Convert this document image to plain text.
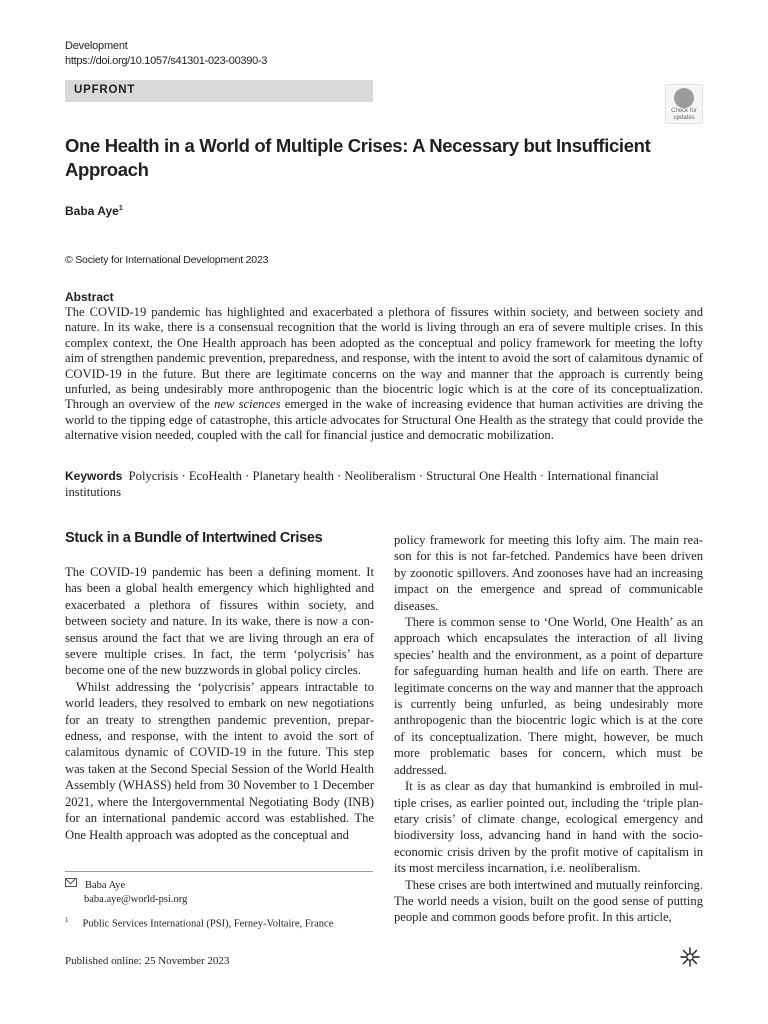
Development
https://doi.org/10.1057/s41301-023-00390-3
UPFRONT
Check for updates
One Health in a World of Multiple Crises: A Necessary but Insufficient Approach
Baba Aye$^1$
© Society for International Development 2023
Abstract

The COVID-19 pandemic has highlighted and exacerbated a plethora of fissures within society, and between society and nature. In its wake, there is a consensual recognition that the world is living through an era of severe multiple crises. In this complex context, the One Health approach has been adopted as the conceptual and policy framework for meeting the lofty aim of strengthen pandemic prevention, preparedness, and response, with the intent to avoid the sort of calamitous dynamic of COVID-19 in the future. But there are legitimate concerns on the way and manner that the approach is currently being unfurled, as being undesirably more anthropogenic than the biocentric logic which is at the core of its conceptualization. Through an overview of the new sciences emerged in the wake of increasing evidence that human activities are driving the world to the tipping edge of catastrophe, this article advocates for Structural One Health as the strategy that could provide the alternative vision needed, coupled with the call for financial justice and democratic mobilization.

Keywords Polycrisis · EcoHealth · Planetary health · Neoliberalism · Structural One Health · International financial institutions
Stuck in a Bundle of Intertwined Crises

The COVID-19 pandemic has been a defining moment. It has been a global health emergency which highlighted and exacerbated a plethora of fissures within society, and between society and nature. In its wake, there is now a consensus around the fact that we are living through an era of severe multiple crises. In fact, the term ‘polycrisis’ has become one of the new buzzwords in global policy circles.

Whilst addressing the ‘polycrisis’ appears intractable to world leaders, they resolved to embark on new negotiations for an treaty to strengthen pandemic prevention, preparedness, and response, with the intent to avoid the sort of calamitous dynamic of COVID-19 in the future. This step was taken at the Second Special Session of the World Health Assembly (WHASS) held from 30 November to 1 December 2021, where the Intergovernmental Negotiating Body (INB) for an international pandemic accord was established. The One Health approach was adopted as the conceptual and

policy framework for meeting this lofty aim. The main reason for this is not far-fetched. Pandemics have been driven by zoonotic spillovers. And zoonoses have had an increasing impact on the emergence and spread of communicable diseases.

There is common sense to ‘One World, One Health’ as an approach which encapsulates the interaction of all living species’ health and the environment, as a point of departure for safeguarding human health and life on earth. There are legitimate concerns on the way and manner that the approach is currently being unfurled, as being undesirably more anthropogenic than the biocentric logic which is at the core of its conceptualization. There might, however, be much more problematic bases for concern, which must be addressed.

It is as clear as day that humankind is embroiled in multiple crises, as earlier pointed out, including the ‘triple planetary crisis’ of climate change, ecological emergency and biodiversity loss, advancing hand in hand with the socio-economic crisis driven by the profit motive of capitalism in its most merciless incarnation, i.e. neoliberalism.

These crises are both intertwined and mutually reinforcing. The world needs a vision, built on the good sense of putting people and common goods before profit. In this article,

Baba Aye
baba.aye@world-psi.org
$^1$ Public Services International (PSI), Ferney-Voltaire, France
Published online: 25 November 2023
